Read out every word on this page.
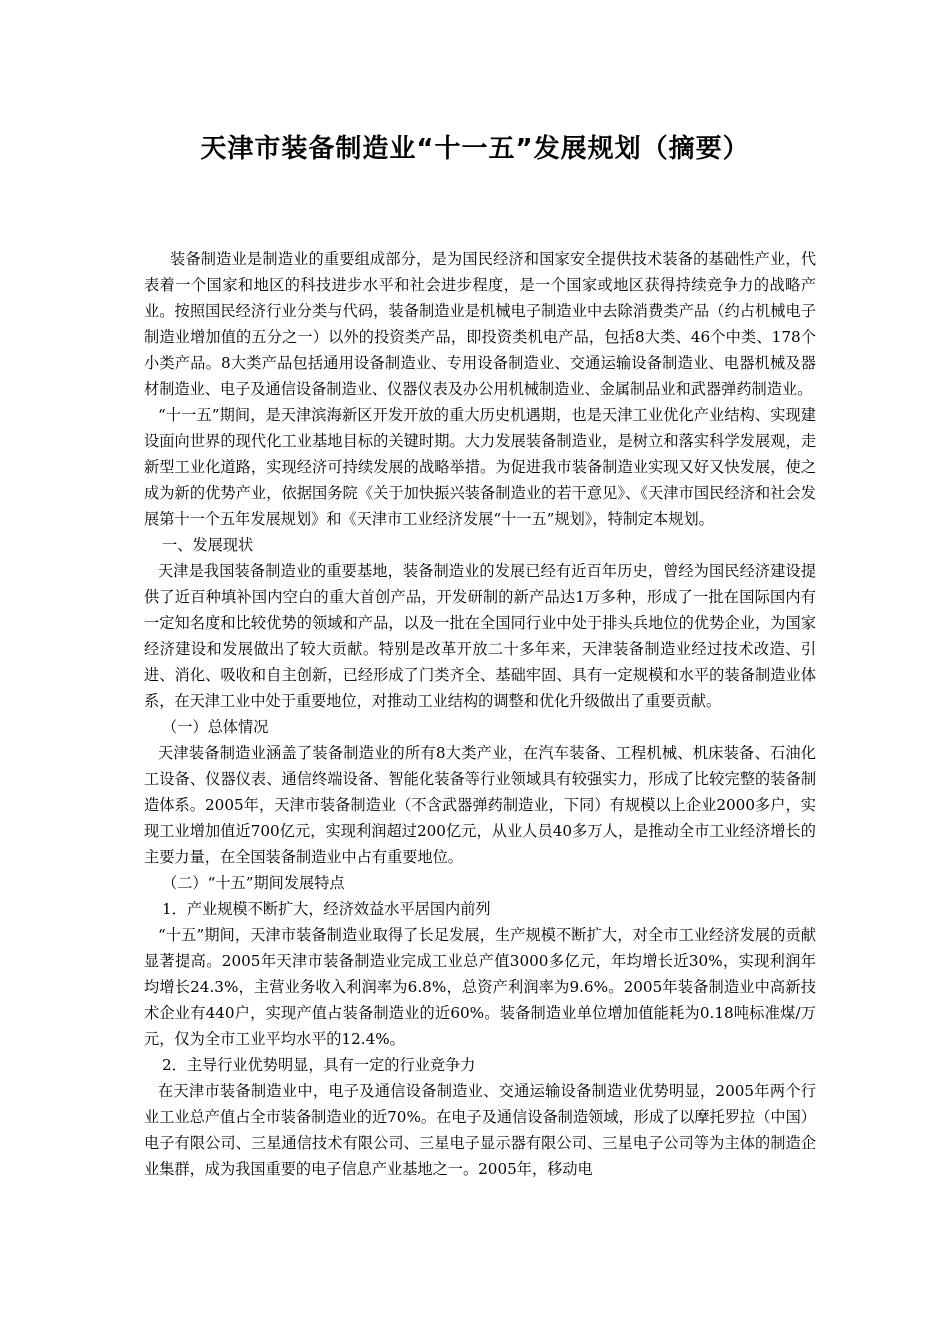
天津市装备制造业“十一五”发展规划（摘要）

装备制造业是制造业的重要组成部分，是为国民经济和国家安全提供技术装备的基础性产业，代表着一个国家和地区的科技进步水平和社会进步程度，是一个国家或地区获得持续竞争力的战略产业。按照国民经济行业分类与代码，装备制造业是机械电子制造业中去除消费类产品（约占机械电子制造业增加值的五分之一）以外的投资类产品，即投资类机电产品，包括8大类、46个中类、178个小类产品。8大类产品包括通用设备制造业、专用设备制造业、交通运输设备制造业、电器机械及器材制造业、电子及通信设备制造业、仪器仪表及办公用机械制造业、金属制品业和武器弹药制造业。

“十一五”期间，是天津滨海新区开发开放的重大历史机遇期，也是天津工业优化产业结构、实现建设面向世界的现代化工业基地目标的关键时期。大力发展装备制造业，是树立和落实科学发展观，走新型工业化道路，实现经济可持续发展的战略举措。为促进我市装备制造业实现又好又快发展，使之成为新的优势产业，依据国务院《关于加快振兴装备制造业的若干意见》、《天津市国民经济和社会发展第十一个五年发展规划》和《天津市工业经济发展“十一五”规划》，特制定本规划。

一、发展现状

天津是我国装备制造业的重要基地，装备制造业的发展已经有近百年历史，曾经为国民经济建设提供了近百种填补国内空白的重大首创产品，开发研制的新产品达1万多种，形成了一批在国际国内有一定知名度和比较优势的领域和产品，以及一批在全国同行业中处于排头兵地位的优势企业，为国家经济建设和发展做出了较大贡献。特别是改革开放二十多年来，天津装备制造业经过技术改造、引进、消化、吸收和自主创新，已经形成了门类齐全、基础牢固、具有一定规模和水平的装备制造业体系，在天津工业中处于重要地位，对推动工业结构的调整和优化升级做出了重要贡献。

（一）总体情况

天津装备制造业涵盖了装备制造业的所有8大类产业，在汽车装备、工程机械、机床装备、石油化工设备、仪器仪表、通信终端设备、智能化装备等行业领域具有较强实力，形成了比较完整的装备制造体系。2005年，天津市装备制造业（不含武器弹药制造业，下同）有规模以上企业2000多户，实现工业增加值近700亿元，实现利润超过200亿元，从业人员40多万人，是推动全市工业经济增长的主要力量，在全国装备制造业中占有重要地位。

（二）“十五”期间发展特点

1．产业规模不断扩大，经济效益水平居国内前列

“十五”期间，天津市装备制造业取得了长足发展，生产规模不断扩大，对全市工业经济发展的贡献显著提高。2005年天津市装备制造业完成工业总产值3000多亿元，年均增长近30%，实现利润年均增长24.3%，主营业务收入利润率为6.8%，总资产利润率为9.6%。2005年装备制造业中高新技术企业有440户，实现产值占装备制造业的近60%。装备制造业单位增加值能耗为0.18吨标准煤/万元，仅为全市工业平均水平的12.4%。

2．主导行业优势明显，具有一定的行业竞争力

在天津市装备制造业中，电子及通信设备制造业、交通运输设备制造业优势明显，2005年两个行业工业总产值占全市装备制造业的近70%。在电子及通信设备制造领域，形成了以摩托罗拉（中国）电子有限公司、三星通信技术有限公司、三星电子显示器有限公司、三星电子公司等为主体的制造企业集群，成为我国重要的电子信息产业基地之一。2005年，移动电
